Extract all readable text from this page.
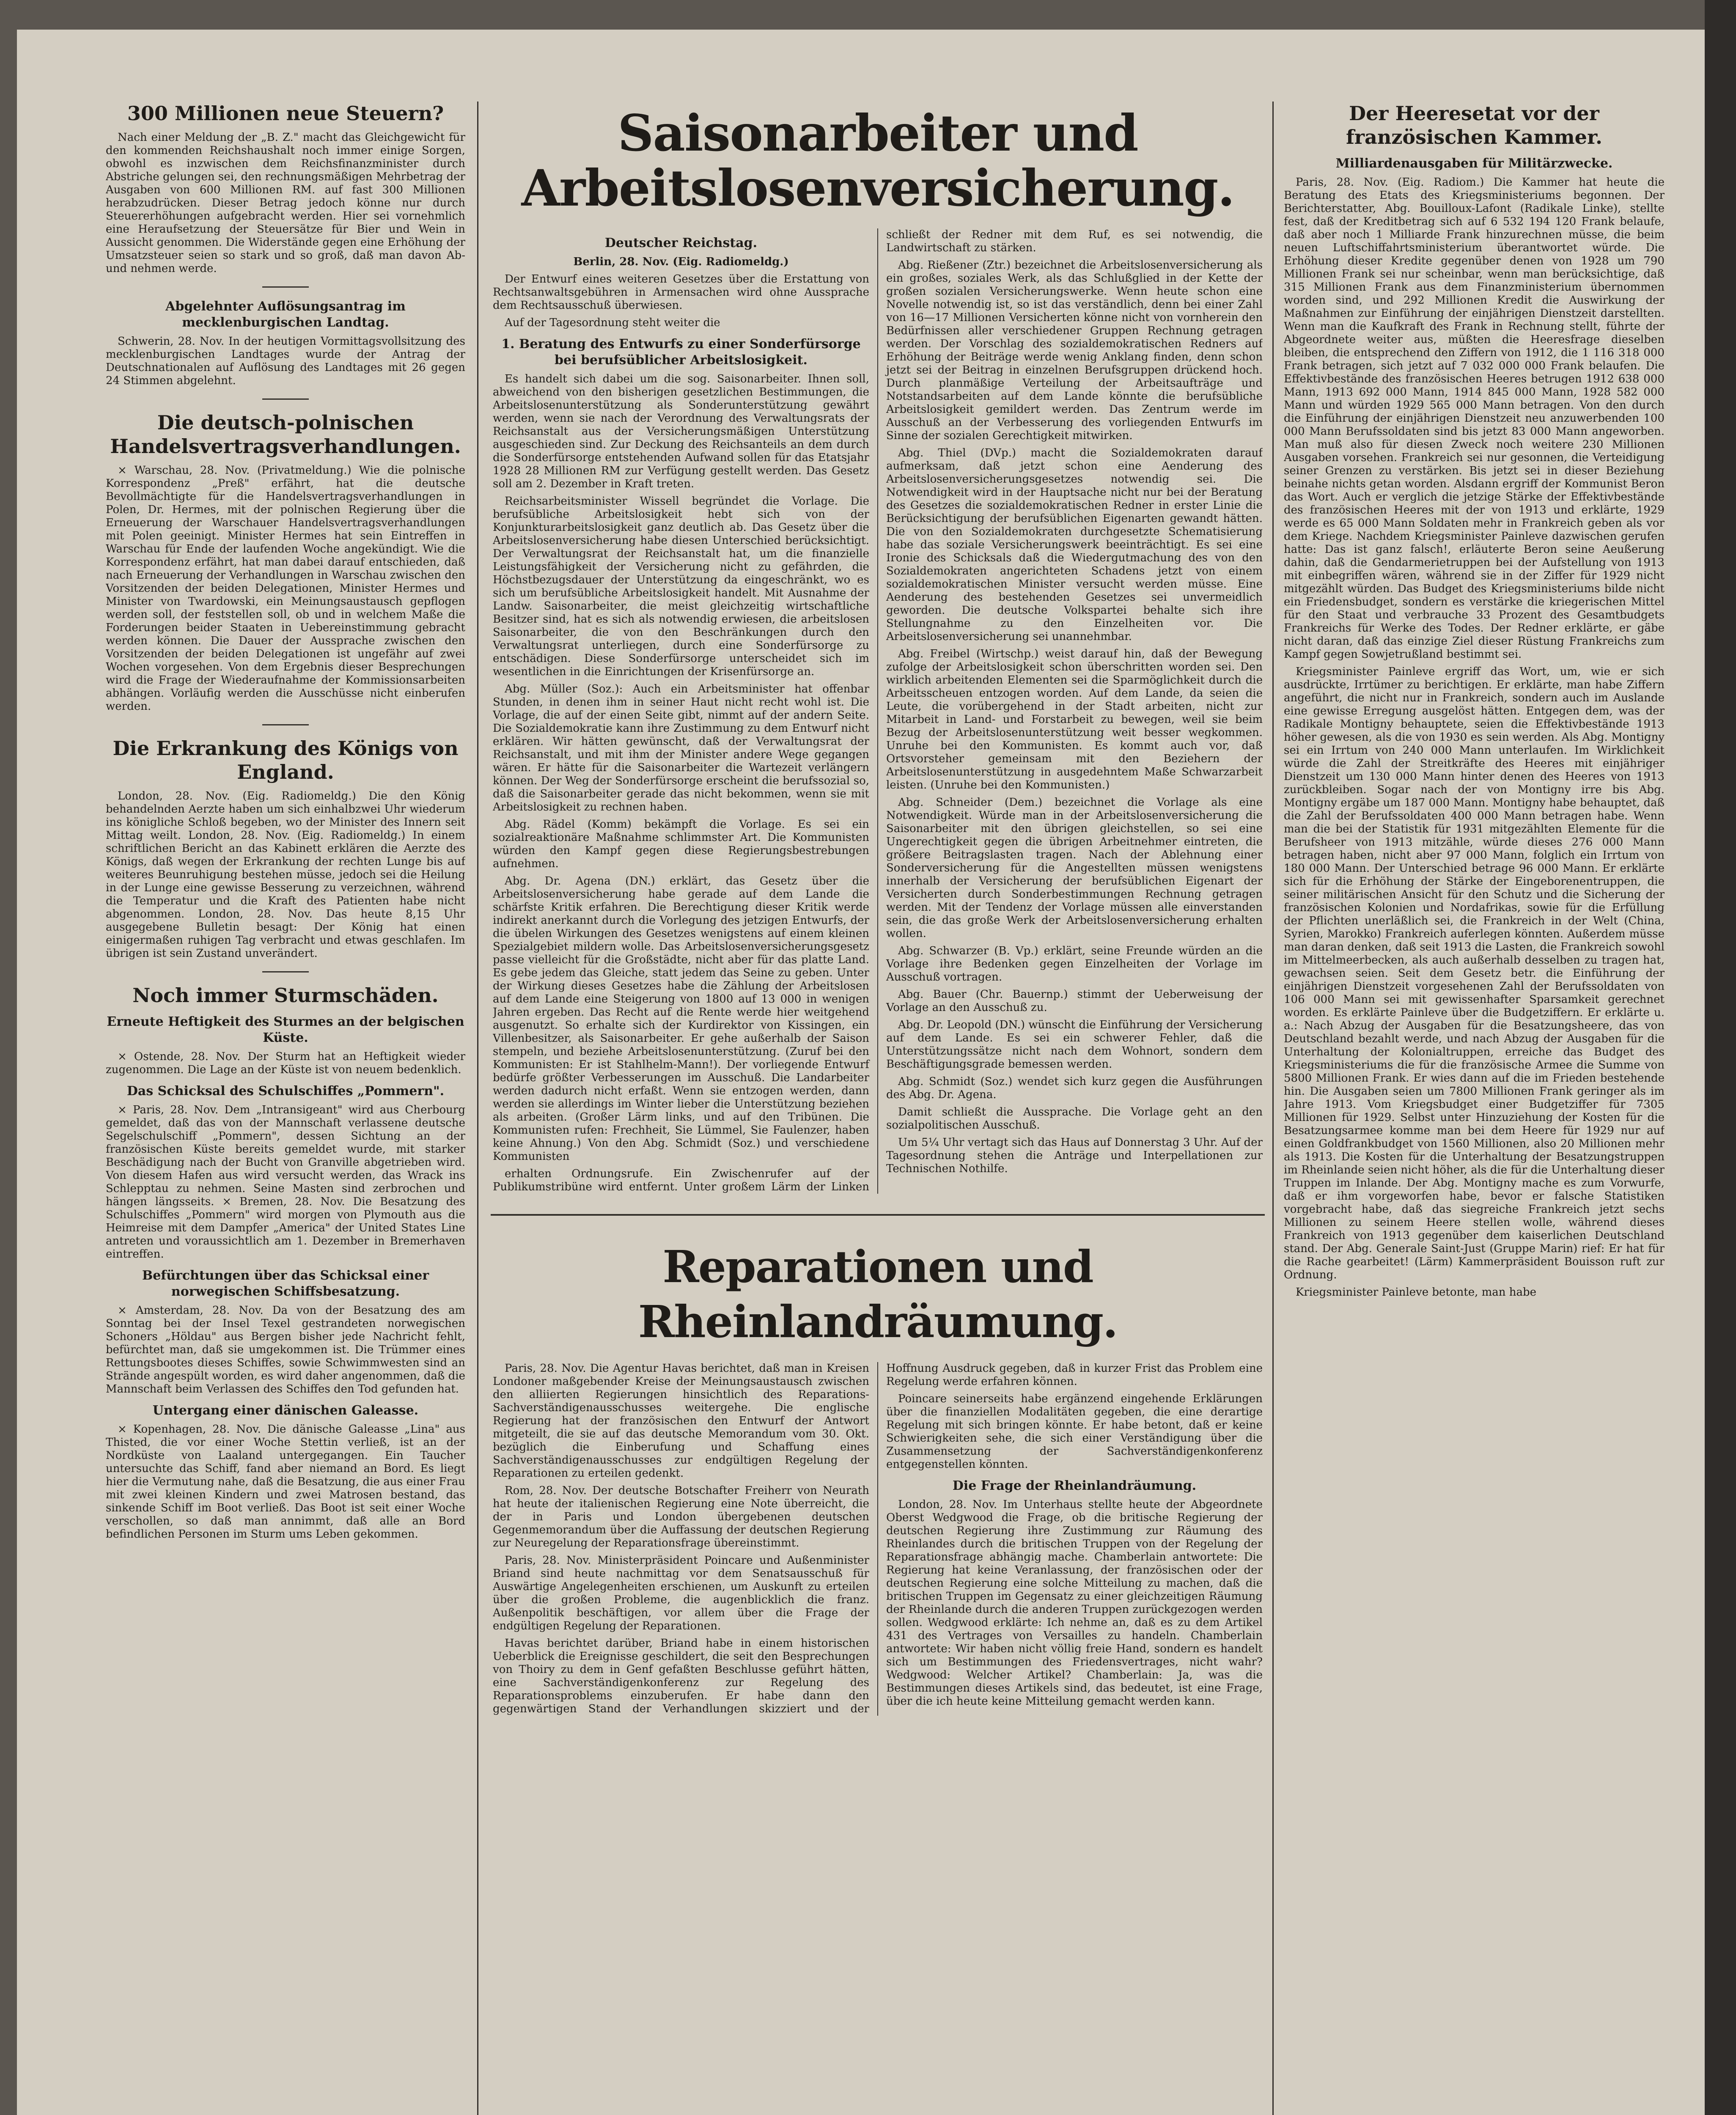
300 Millionen neue Steuern?

Nach einer Meldung der „B. Z." macht das Gleichgewicht für den kommenden Reichshaushalt noch immer einige Sorgen, obwohl es inzwischen dem Reichsfinanzminister durch Abstriche gelungen sei, den rechnungsmäßigen Mehrbetrag der Ausgaben von 600 Millionen RM. auf fast 300 Millionen herabzudrücken. Dieser Betrag jedoch könne nur durch Steuererhöhungen aufgebracht werden. Hier sei vornehmlich eine Heraufsetzung der Steuersätze für Bier und Wein in Aussicht genommen. Die Widerstände gegen eine Erhöhung der Umsatzsteuer seien so stark und so groß, daß man davon Ab- und nehmen werde.

Abgelehnter Auflösungsantrag im mecklenburgischen Landtag.

Schwerin, 28. Nov. In der heutigen Vormittagsvollsitzung des mecklenburgischen Landtages wurde der Antrag der Deutschnationalen auf Auflösung des Landtages mit 26 gegen 24 Stimmen abgelehnt.

Die deutsch-polnischen Handelsvertragsverhandlungen.

× Warschau, 28. Nov. (Privatmeldung.) Wie die polnische Korrespondenz „Preß" erfährt, hat die deutsche Bevollmächtigte für die Handelsvertragsverhandlungen in Polen, Dr. Hermes, mit der polnischen Regierung über die Erneuerung der Warschauer Handelsvertragsverhandlungen mit Polen geeinigt. Minister Hermes hat sein Eintreffen in Warschau für Ende der laufenden Woche angekündigt. Wie die Korrespondenz erfährt, hat man dabei darauf entschieden, daß nach Erneuerung der Verhandlungen in Warschau zwischen den Vorsitzenden der beiden Delegationen, Minister Hermes und Minister von Twardowski, ein Meinungsaustausch gepflogen werden soll, der feststellen soll, ob und in welchem Maße die Forderungen beider Staaten in Uebereinstimmung gebracht werden können. Die Dauer der Aussprache zwischen den Vorsitzenden der beiden Delegationen ist ungefähr auf zwei Wochen vorgesehen. Von dem Ergebnis dieser Besprechungen wird die Frage der Wiederaufnahme der Kommissionsarbeiten abhängen. Vorläufig werden die Ausschüsse nicht einberufen werden.

Die Erkrankung des Königs von England.

London, 28. Nov. (Eig. Radiomeldg.) Die den König behandelnden Aerzte haben um sich einhalbzwei Uhr wiederum ins königliche Schloß begeben, wo der Minister des Innern seit Mittag weilt. London, 28. Nov. (Eig. Radiomeldg.) In einem schriftlichen Bericht an das Kabinett erklären die Aerzte des Königs, daß wegen der Erkrankung der rechten Lunge bis auf weiteres Beunruhigung bestehen müsse, jedoch sei die Heilung in der Lunge eine gewisse Besserung zu verzeichnen, während die Temperatur und die Kraft des Patienten habe nicht abgenommen. London, 28. Nov. Das heute 8,15 Uhr ausgegebene Bulletin besagt: Der König hat einen einigermaßen ruhigen Tag verbracht und etwas geschlafen. Im übrigen ist sein Zustand unverändert.

Noch immer Sturmschäden.
Erneute Heftigkeit des Sturmes an der belgischen Küste.

× Ostende, 28. Nov. Der Sturm hat an Heftigkeit wieder zugenommen. Die Lage an der Küste ist von neuem bedenklich.

Das Schicksal des Schulschiffes „Pommern".

× Paris, 28. Nov. Dem „Intransigeant" wird aus Cherbourg gemeldet, daß das von der Mannschaft verlassene deutsche Segelschulschiff „Pommern", dessen Sichtung an der französischen Küste bereits gemeldet wurde, mit starker Beschädigung nach der Bucht von Granville abgetrieben wird. Von diesem Hafen aus wird versucht werden, das Wrack ins Schlepptau zu nehmen. Seine Masten sind zerbrochen und hängen längsseits. × Bremen, 28. Nov. Die Besatzung des Schulschiffes „Pommern" wird morgen von Plymouth aus die Heimreise mit dem Dampfer „America" der United States Line antreten und voraussichtlich am 1. Dezember in Bremerhaven eintreffen.

Befürchtungen über das Schicksal einer norwegischen Schiffsbesatzung.

× Amsterdam, 28. Nov. Da von der Besatzung des am Sonntag bei der Insel Texel gestrandeten norwegischen Schoners „Höldau" aus Bergen bisher jede Nachricht fehlt, befürchtet man, daß sie umgekommen ist. Die Trümmer eines Rettungsbootes dieses Schiffes, sowie Schwimmwesten sind an Strände angespült worden, es wird daher angenommen, daß die Mannschaft beim Verlassen des Schiffes den Tod gefunden hat.

Untergang einer dänischen Galeasse.

× Kopenhagen, 28. Nov. Die dänische Galeasse „Lina" aus Thisted, die vor einer Woche Stettin verließ, ist an der Nordküste von Laaland untergegangen. Ein Taucher untersuchte das Schiff, fand aber niemand an Bord. Es liegt hier die Vermutung nahe, daß die Besatzung, die aus einer Frau mit zwei kleinen Kindern und zwei Matrosen bestand, das sinkende Schiff im Boot verließ. Das Boot ist seit einer Woche verschollen, so daß man annimmt, daß alle an Bord befindlichen Personen im Sturm ums Leben gekommen.

Saisonarbeiter und Arbeitslosenversicherung.
Deutscher Reichstag.

Berlin, 28. Nov. (Eig. Radiomeldg.)

Der Entwurf eines weiteren Gesetzes über die Erstattung von Rechtsanwaltsgebühren in Armensachen wird ohne Aussprache dem Rechtsausschuß überwiesen.

Auf der Tagesordnung steht weiter die

1. Beratung des Entwurfs zu einer Sonderfürsorge bei berufsüblicher Arbeitslosigkeit.

Es handelt sich dabei um die sog. Saisonarbeiter. Ihnen soll, abweichend von den bisherigen gesetzlichen Bestimmungen, die Arbeitslosenunterstützung als Sonderunterstützung gewährt werden, wenn sie nach der Verordnung des Verwaltungsrats der Reichsanstalt aus der Versicherungsmäßigen Unterstützung ausgeschieden sind. Zur Deckung des Reichsanteils an dem durch die Sonderfürsorge entstehenden Aufwand sollen für das Etatsjahr 1928 28 Millionen RM zur Verfügung gestellt werden. Das Gesetz soll am 2. Dezember in Kraft treten.

Reichsarbeitsminister Wissell begründet die Vorlage. Die berufsübliche Arbeitslosigkeit hebt sich von der Konjunkturarbeitslosigkeit ganz deutlich ab. Das Gesetz über die Arbeitslosenversicherung habe diesen Unterschied berücksichtigt. Der Verwaltungsrat der Reichsanstalt hat, um die finanzielle Leistungsfähigkeit der Versicherung nicht zu gefährden, die Höchstbezugsdauer der Unterstützung da eingeschränkt, wo es sich um berufsübliche Arbeitslosigkeit handelt. Mit Ausnahme der Landw. Saisonarbeiter, die meist gleichzeitig wirtschaftliche Besitzer sind, hat es sich als notwendig erwiesen, die arbeitslosen Saisonarbeiter, die von den Beschränkungen durch den Verwaltungsrat unterliegen, durch eine Sonderfürsorge zu entschädigen. Diese Sonderfürsorge unterscheidet sich im wesentlichen in die Einrichtungen der Krisenfürsorge an.

Abg. Müller (Soz.): Auch ein Arbeitsminister hat offenbar Stunden, in denen ihm in seiner Haut nicht recht wohl ist. Die Vorlage, die auf der einen Seite gibt, nimmt auf der andern Seite. Die Sozialdemokratie kann ihre Zustimmung zu dem Entwurf nicht erklären. Wir hätten gewünscht, daß der Verwaltungsrat der Reichsanstalt, und mit ihm der Minister andere Wege gegangen wären. Er hätte für die Saisonarbeiter die Wartezeit verlängern können. Der Weg der Sonderfürsorge erscheint die berufssozial so, daß die Saisonarbeiter gerade das nicht bekommen, wenn sie mit Arbeitslosigkeit zu rechnen haben.

Abg. Rädel (Komm) bekämpft die Vorlage. Es sei ein sozialreaktionäre Maßnahme schlimmster Art. Die Kommunisten würden den Kampf gegen diese Regierungsbestrebungen aufnehmen.

Abg. Dr. Agena (DN.) erklärt, das Gesetz über die Arbeitslosenversicherung habe gerade auf dem Lande die schärfste Kritik erfahren. Die Berechtigung dieser Kritik werde indirekt anerkannt durch die Vorlegung des jetzigen Entwurfs, der die übelen Wirkungen des Gesetzes wenigstens auf einem kleinen Spezialgebiet mildern wolle. Das Arbeitslosenversicherungsgesetz passe vielleicht für die Großstädte, nicht aber für das platte Land. Es gebe jedem das Gleiche, statt jedem das Seine zu geben. Unter der Wirkung dieses Gesetzes habe die Zählung der Arbeitslosen auf dem Lande eine Steigerung von 1800 auf 13 000 in wenigen Jahren ergeben. Das Recht auf die Rente werde hier weitgehend ausgenutzt. So erhalte sich der Kurdirektor von Kissingen, ein Villenbesitzer, als Saisonarbeiter. Er gehe außerhalb der Saison stempeln, und beziehe Arbeitslosenunterstützung. (Zuruf bei den Kommunisten: Er ist Stahlhelm-Mann!). Der vorliegende Entwurf bedürfe größter Verbesserungen im Ausschuß. Die Landarbeiter werden dadurch nicht erfaßt. Wenn sie entzogen werden, dann werden sie allerdings im Winter lieber die Unterstützung beziehen als arbeiten. (Großer Lärm links, und auf den Tribünen. Die Kommunisten rufen: Frechheit, Sie Lümmel, Sie Faulenzer, haben keine Ahnung.) Von den Abg. Schmidt (Soz.) und verschiedene Kommunisten

erhalten Ordnungsrufe. Ein Zwischenrufer auf der Publikumstribüne wird entfernt. Unter großem Lärm der Linken schließt der Redner mit dem Ruf, es sei notwendig, die Landwirtschaft zu stärken.

Abg. Rießener (Ztr.) bezeichnet die Arbeitslosenversicherung als ein großes, soziales Werk, als das Schlußglied in der Kette der großen sozialen Versicherungswerke. Wenn heute schon eine Novelle notwendig ist, so ist das verständlich, denn bei einer Zahl von 16—17 Millionen Versicherten könne nicht von vornherein den Bedürfnissen aller verschiedener Gruppen Rechnung getragen werden. Der Vorschlag des sozialdemokratischen Redners auf Erhöhung der Beiträge werde wenig Anklang finden, denn schon jetzt sei der Beitrag in einzelnen Berufsgruppen drückend hoch. Durch planmäßige Verteilung der Arbeitsaufträge und Notstandsarbeiten auf dem Lande könnte die berufsübliche Arbeitslosigkeit gemildert werden. Das Zentrum werde im Ausschuß an der Verbesserung des vorliegenden Entwurfs im Sinne der sozialen Gerechtigkeit mitwirken.

Abg. Thiel (DVp.) macht die Sozialdemokraten darauf aufmerksam, daß jetzt schon eine Aenderung des Arbeitslosenversicherungsgesetzes notwendig sei. Die Notwendigkeit wird in der Hauptsache nicht nur bei der Beratung des Gesetzes die sozialdemokratischen Redner in erster Linie die Berücksichtigung der berufsüblichen Eigenarten gewandt hätten. Die von den Sozialdemokraten durchgesetzte Schematisierung habe das soziale Versicherungswerk beeinträchtigt. Es sei eine Ironie des Schicksals daß die Wiedergutmachung des von den Sozialdemokraten angerichteten Schadens jetzt von einem sozialdemokratischen Minister versucht werden müsse. Eine Aenderung des bestehenden Gesetzes sei unvermeidlich geworden. Die deutsche Volkspartei behalte sich ihre Stellungnahme zu den Einzelheiten vor. Die Arbeitslosenversicherung sei unannehmbar.

Abg. Freibel (Wirtschp.) weist darauf hin, daß der Bewegung zufolge der Arbeitslosigkeit schon überschritten worden sei. Den wirklich arbeitenden Elementen sei die Sparmöglichkeit durch die Arbeitsscheuen entzogen worden. Auf dem Lande, da seien die Leute, die vorübergehend in der Stadt arbeiten, nicht zur Mitarbeit in Land- und Forstarbeit zu bewegen, weil sie beim Bezug der Arbeitslosenunterstützung weit besser wegkommen. Unruhe bei den Kommunisten. Es kommt auch vor, daß Ortsvorsteher gemeinsam mit den Beziehern der Arbeitslosenunterstützung in ausgedehntem Maße Schwarzarbeit leisten. (Unruhe bei den Kommunisten.)

Abg. Schneider (Dem.) bezeichnet die Vorlage als eine Notwendigkeit. Würde man in der Arbeitslosenversicherung die Saisonarbeiter mit den übrigen gleichstellen, so sei eine Ungerechtigkeit gegen die übrigen Arbeitnehmer eintreten, die größere Beitragslasten tragen. Nach der Ablehnung einer Sonderversicherung für die Angestellten müssen wenigstens innerhalb der Versicherung der berufsüblichen Eigenart der Versicherten durch Sonderbestimmungen Rechnung getragen werden. Mit der Tendenz der Vorlage müssen alle einverstanden sein, die das große Werk der Arbeitslosenversicherung erhalten wollen.

Abg. Schwarzer (B. Vp.) erklärt, seine Freunde würden an die Vorlage ihre Bedenken gegen Einzelheiten der Vorlage im Ausschuß vortragen.

Abg. Bauer (Chr. Bauernp.) stimmt der Ueberweisung der Vorlage an den Ausschuß zu.

Abg. Dr. Leopold (DN.) wünscht die Einführung der Versicherung auf dem Lande. Es sei ein schwerer Fehler, daß die Unterstützungssätze nicht nach dem Wohnort, sondern dem Beschäftigungsgrade bemessen werden.

Abg. Schmidt (Soz.) wendet sich kurz gegen die Ausführungen des Abg. Dr. Agena.

Damit schließt die Aussprache. Die Vorlage geht an den sozialpolitischen Ausschuß.

Um 5¼ Uhr vertagt sich das Haus auf Donnerstag 3 Uhr. Auf der Tagesordnung stehen die Anträge und Interpellationen zur Technischen Nothilfe.

Reparationen und Rheinlandräumung.

Paris, 28. Nov. Die Agentur Havas berichtet, daß man in Kreisen Londoner maßgebender Kreise der Meinungsaustausch zwischen den alliierten Regierungen hinsichtlich des Reparations-Sachverständigenausschusses weitergehe. Die englische Regierung hat der französischen den Entwurf der Antwort mitgeteilt, die sie auf das deutsche Memorandum vom 30. Okt. bezüglich die Einberufung und Schaffung eines Sachverständigenausschusses zur endgültigen Regelung der Reparationen zu erteilen gedenkt.

Rom, 28. Nov. Der deutsche Botschafter Freiherr von Neurath hat heute der italienischen Regierung eine Note überreicht, die der in Paris und London übergebenen deutschen Gegenmemorandum über die Auffassung der deutschen Regierung zur Neuregelung der Reparationsfrage übereinstimmt.

Paris, 28. Nov. Ministerpräsident Poincare und Außenminister Briand sind heute nachmittag vor dem Senatsausschuß für Auswärtige Angelegenheiten erschienen, um Auskunft zu erteilen über die großen Probleme, die augenblicklich die franz. Außenpolitik beschäftigen, vor allem über die Frage der endgültigen Regelung der Reparationen.

Havas berichtet darüber, Briand habe in einem historischen Ueberblick die Ereignisse geschildert, die seit den Besprechungen von Thoiry zu dem in Genf gefaßten Beschlusse geführt hätten, eine Sachverständigenkonferenz zur Regelung des Reparationsproblems einzuberufen. Er habe dann den gegenwärtigen Stand der Verhandlungen skizziert und der Hoffnung Ausdruck gegeben, daß in kurzer Frist das Problem eine Regelung werde erfahren können.

Poincare seinerseits habe ergänzend eingehende Erklärungen über die finanziellen Modalitäten gegeben, die eine derartige Regelung mit sich bringen könnte. Er habe betont, daß er keine Schwierigkeiten sehe, die sich einer Verständigung über die Zusammensetzung der Sachverständigenkonferenz entgegenstellen könnten.

Die Frage der Rheinlandräumung.

London, 28. Nov. Im Unterhaus stellte heute der Abgeordnete Oberst Wedgwood die Frage, ob die britische Regierung der deutschen Regierung ihre Zustimmung zur Räumung des Rheinlandes durch die britischen Truppen von der Regelung der Reparationsfrage abhängig mache. Chamberlain antwortete: Die Regierung hat keine Veranlassung, der französischen oder der deutschen Regierung eine solche Mitteilung zu machen, daß die britischen Truppen im Gegensatz zu einer gleichzeitigen Räumung der Rheinlande durch die anderen Truppen zurückgezogen werden sollen. Wedgwood erklärte: Ich nehme an, daß es zu dem Artikel 431 des Vertrages von Versailles zu handeln. Chamberlain antwortete: Wir haben nicht völlig freie Hand, sondern es handelt sich um Bestimmungen des Friedensvertrages, nicht wahr? Wedgwood: Welcher Artikel? Chamberlain: Ja, was die Bestimmungen dieses Artikels sind, das bedeutet, ist eine Frage, über die ich heute keine Mitteilung gemacht werden kann.

Der Heeresetat vor der französischen Kammer.
Milliardenausgaben für Militärzwecke.

Paris, 28. Nov. (Eig. Radiom.) Die Kammer hat heute die Beratung des Etats des Kriegsministeriums begonnen. Der Berichterstatter, Abg. Bouilloux-Lafont (Radikale Linke), stellte fest, daß der Kreditbetrag sich auf 6 532 194 120 Frank belaufe, daß aber noch 1 Milliarde Frank hinzurechnen müsse, die beim neuen Luftschiffahrtsministerium überantwortet würde. Die Erhöhung dieser Kredite gegenüber denen von 1928 um 790 Millionen Frank sei nur scheinbar, wenn man berücksichtige, daß 315 Millionen Frank aus dem Finanzministerium übernommen worden sind, und 292 Millionen Kredit die Auswirkung der Maßnahmen zur Einführung der einjährigen Dienstzeit darstellten. Wenn man die Kaufkraft des Frank in Rechnung stellt, führte der Abgeordnete weiter aus, müßten die Heeresfrage dieselben bleiben, die entsprechend den Ziffern von 1912, die 1 116 318 000 Frank betragen, sich jetzt auf 7 032 000 000 Frank belaufen. Die Effektivbestände des französischen Heeres betrugen 1912 638 000 Mann, 1913 692 000 Mann, 1914 845 000 Mann, 1928 582 000 Mann und würden 1929 565 000 Mann betragen. Von den durch die Einführung der einjährigen Dienstzeit neu anzuwerbenden 100 000 Mann Berufssoldaten sind bis jetzt 83 000 Mann angeworben. Man muß also für diesen Zweck noch weitere 230 Millionen Ausgaben vorsehen. Frankreich sei nur gesonnen, die Verteidigung seiner Grenzen zu verstärken. Bis jetzt sei in dieser Beziehung beinahe nichts getan worden. Alsdann ergriff der Kommunist Beron das Wort. Auch er verglich die jetzige Stärke der Effektivbestände des französischen Heeres mit der von 1913 und erklärte, 1929 werde es 65 000 Mann Soldaten mehr in Frankreich geben als vor dem Kriege. Nachdem Kriegsminister Painleve dazwischen gerufen hatte: Das ist ganz falsch!, erläuterte Beron seine Aeußerung dahin, daß die Gendarmerietruppen bei der Aufstellung von 1913 mit einbegriffen wären, während sie in der Ziffer für 1929 nicht mitgezählt würden. Das Budget des Kriegsministeriums bilde nicht ein Friedensbudget, sondern es verstärke die kriegerischen Mittel für den Staat und verbrauche 33 Prozent des Gesamtbudgets Frankreichs für Werke des Todes. Der Redner erklärte, er gäbe nicht daran, daß das einzige Ziel dieser Rüstung Frankreichs zum Kampf gegen Sowjetrußland bestimmt sei.

Kriegsminister Painleve ergriff das Wort, um, wie er sich ausdrückte, Irrtümer zu berichtigen. Er erklärte, man habe Ziffern angeführt, die nicht nur in Frankreich, sondern auch im Auslande eine gewisse Erregung ausgelöst hätten. Entgegen dem, was der Radikale Montigny behauptete, seien die Effektivbestände 1913 höher gewesen, als die von 1930 es sein werden. Als Abg. Montigny sei ein Irrtum von 240 000 Mann unterlaufen. Im Wirklichkeit würde die Zahl der Streitkräfte des Heeres mit einjähriger Dienstzeit um 130 000 Mann hinter denen des Heeres von 1913 zurückbleiben. Sogar nach der von Montigny irre bis Abg. Montigny ergäbe um 187 000 Mann. Montigny habe behauptet, daß die Zahl der Berufssoldaten 400 000 Mann betragen habe. Wenn man die bei der Statistik für 1931 mitgezählten Elemente für die Berufsheer von 1913 mitzähle, würde dieses 276 000 Mann betragen haben, nicht aber 97 000 Mann, folglich ein Irrtum von 180 000 Mann. Der Unterschied betrage 96 000 Mann. Er erklärte sich für die Erhöhung der Stärke der Eingeborenentruppen, die seiner militärischen Ansicht für den Schutz und die Sicherung der französischen Kolonien und Nordafrikas, sowie für die Erfüllung der Pflichten unerläßlich sei, die Frankreich in der Welt (China, Syrien, Marokko) Frankreich auferlegen könnten. Außerdem müsse man daran denken, daß seit 1913 die Lasten, die Frankreich sowohl im Mittelmeerbecken, als auch außerhalb desselben zu tragen hat, gewachsen seien. Seit dem Gesetz betr. die Einführung der einjährigen Dienstzeit vorgesehenen Zahl der Berufssoldaten von 106 000 Mann sei mit gewissenhafter Sparsamkeit gerechnet worden. Es erklärte Painleve über die Budgetziffern. Er erklärte u. a.: Nach Abzug der Ausgaben für die Besatzungsheere, das von Deutschland bezahlt werde, und nach Abzug der Ausgaben für die Unterhaltung der Kolonialtruppen, erreiche das Budget des Kriegsministeriums die für die französische Armee die Summe von 5800 Millionen Frank. Er wies dann auf die im Frieden bestehende hin. Die Ausgaben seien um 7800 Millionen Frank geringer als im Jahre 1913. Vom Kriegsbudget einer Budgetziffer für 7305 Millionen für 1929. Selbst unter Hinzuziehung der Kosten für die Besatzungsarmee komme man bei dem Heere für 1929 nur auf einen Goldfrankbudget von 1560 Millionen, also 20 Millionen mehr als 1913. Die Kosten für die Unterhaltung der Besatzungstruppen im Rheinlande seien nicht höher, als die für die Unterhaltung dieser Truppen im Inlande. Der Abg. Montigny mache es zum Vorwurfe, daß er ihm vorgeworfen habe, bevor er falsche Statistiken vorgebracht habe, daß das siegreiche Frankreich jetzt sechs Millionen zu seinem Heere stellen wolle, während dieses Frankreich von 1913 gegenüber dem kaiserlichen Deutschland stand. Der Abg. Generale Saint-Just (Gruppe Marin) rief: Er hat für die Rache gearbeitet! (Lärm) Kammerpräsident Bouisson ruft zur Ordnung.

Kriegsminister Painleve betonte, man habe
